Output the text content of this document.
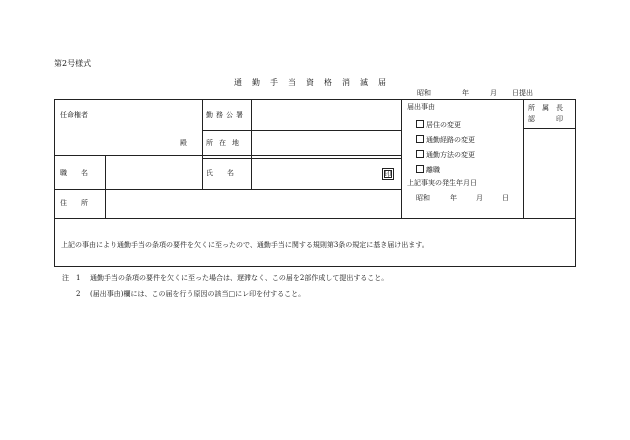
第2号様式
通勤手当資格消滅届
昭和	年	月 日提出
任命権者
殿
勤務公署
所在地
職　　名	氏　　名	印
住　　所
届出事由
居住の変更
通勤経路の変更
通勤方法の変更
離職
上記事実の発生年月日
昭和	年	月	日
所　属　長
認　　　印
上記の事由により通勤手当の条項の要件を欠くに至ったので、通勤手当に関する規則第3条の規定に基き届け出ます。
注 1 通勤手当の条項の要件を欠くに至った場合は、遅滞なく、この届を2部作成して提出すること。
2 (届出事由)欄には、この届を行う原因の該当□にレ印を付すること。
